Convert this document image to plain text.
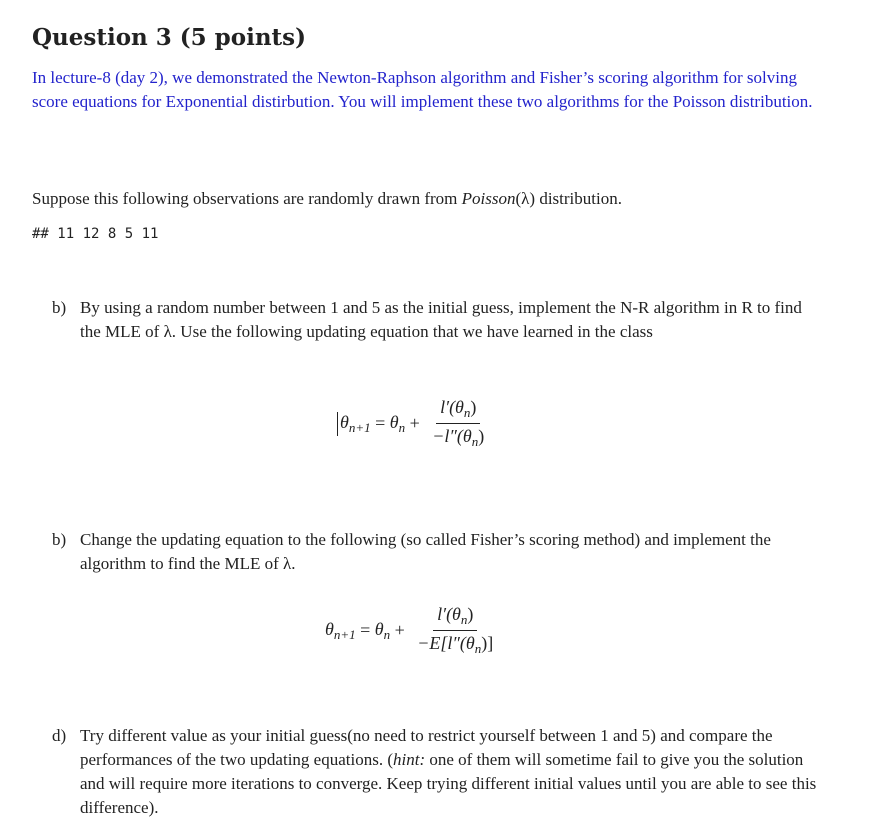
Question 3 (5 points)
In lecture-8 (day 2), we demonstrated the Newton-Raphson algorithm and Fisher’s scoring algorithm for solving score equations for Exponential distirbution. You will implement these two algorithms for the Poisson distribution.
Suppose this following observations are randomly drawn from Poisson(λ) distribution.
## 11 12 8 5 11
b) By using a random number between 1 and 5 as the initial guess, implement the N-R algorithm in R to find the MLE of λ. Use the following updating equation that we have learned in the class
$\theta_{n+1} = \theta_n + \frac{l'(\theta_n)}{-l''(\theta_n)}$
b) Change the updating equation to the following (so called Fisher’s scoring method) and implement the algorithm to find the MLE of λ.
$\theta_{n+1} = \theta_n + \frac{l'(\theta_n)}{-E[l''(\theta_n)]}$
d) Try different value as your initial guess(no need to restrict yourself between 1 and 5) and compare the performances of the two updating equations. (hint: one of them will sometime fail to give you the solution and will require more iterations to converge. Keep trying different initial values until you are able to see this difference).
